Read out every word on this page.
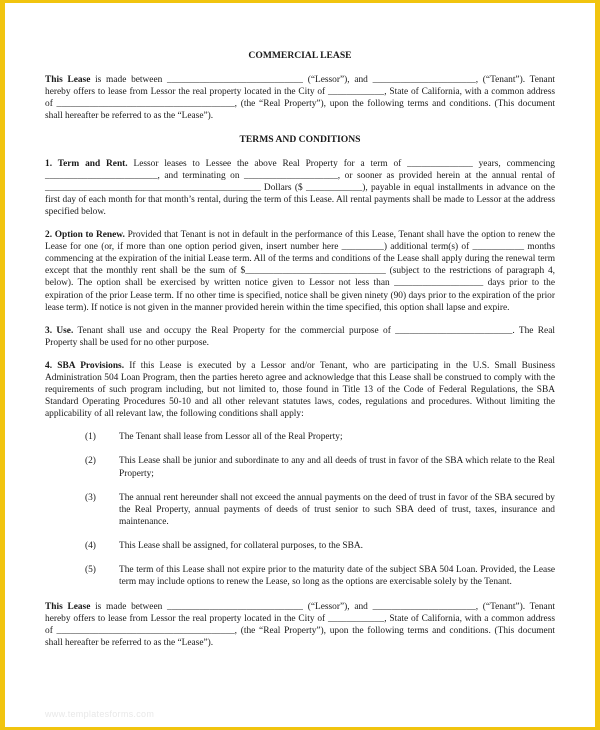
COMMERCIAL LEASE

This Lease is made between _____________________________ (“Lessor”), and ______________________, (“Tenant”). Tenant hereby offers to lease from Lessor the real property located in the City of ____________, State of California, with a common address of ______________________________________, (the “Real Property”), upon the following terms and conditions. (This document shall hereafter be referred to as the “Lease”).

TERMS AND CONDITIONS

1. Term and Rent. Lessor leases to Lessee the above Real Property for a term of ______________ years, commencing ________________________, and terminating on ____________________, or sooner as provided herein at the annual rental of ______________________________________________ Dollars ($ ____________), payable in equal installments in advance on the first day of each month for that month’s rental, during the term of this Lease. All rental payments shall be made to Lessor at the address specified below.

2. Option to Renew. Provided that Tenant is not in default in the performance of this Lease, Tenant shall have the option to renew the Lease for one (or, if more than one option period given, insert number here _________) additional term(s) of ___________ months commencing at the expiration of the initial Lease term. All of the terms and conditions of the Lease shall apply during the renewal term except that the monthly rent shall be the sum of $______________________________ (subject to the restrictions of paragraph 4, below). The option shall be exercised by written notice given to Lessor not less than ___________________ days prior to the expiration of the prior Lease term. If no other time is specified, notice shall be given ninety (90) days prior to the expiration of the prior lease term). If notice is not given in the manner provided herein within the time specified, this option shall lapse and expire.

3. Use. Tenant shall use and occupy the Real Property for the commercial purpose of _________________________. The Real Property shall be used for no other purpose.

4. SBA Provisions. If this Lease is executed by a Lessor and/or Tenant, who are participating in the U.S. Small Business Administration 504 Loan Program, then the parties hereto agree and acknowledge that this Lease shall be construed to comply with the requirements of such program including, but not limited to, those found in Title 13 of the Code of Federal Regulations, the SBA Standard Operating Procedures 50-10 and all other relevant statutes laws, codes, regulations and procedures. Without limiting the applicability of all relevant law, the following conditions shall apply:

(1)	The Tenant shall lease from Lessor all of the Real Property;
(2)	This Lease shall be junior and subordinate to any and all deeds of trust in favor of the SBA which relate to the Real Property;
(3)	The annual rent hereunder shall not exceed the annual payments on the deed of trust in favor of the SBA secured by the Real Property, annual payments of deeds of trust senior to such SBA deed of trust, taxes, insurance and maintenance.
(4)	This Lease shall be assigned, for collateral purposes, to the SBA.
(5)	The term of this Lease shall not expire prior to the maturity date of the subject SBA 504 Loan. Provided, the Lease term may include options to renew the Lease, so long as the options are exercisable solely by the Tenant.

This Lease is made between _____________________________ (“Lessor”), and ______________________, (“Tenant”). Tenant hereby offers to lease from Lessor the real property located in the City of ____________, State of California, with a common address of ______________________________________, (the “Real Property”), upon the following terms and conditions. (This document shall hereafter be referred to as the “Lease”).

www.templatesforms.com
